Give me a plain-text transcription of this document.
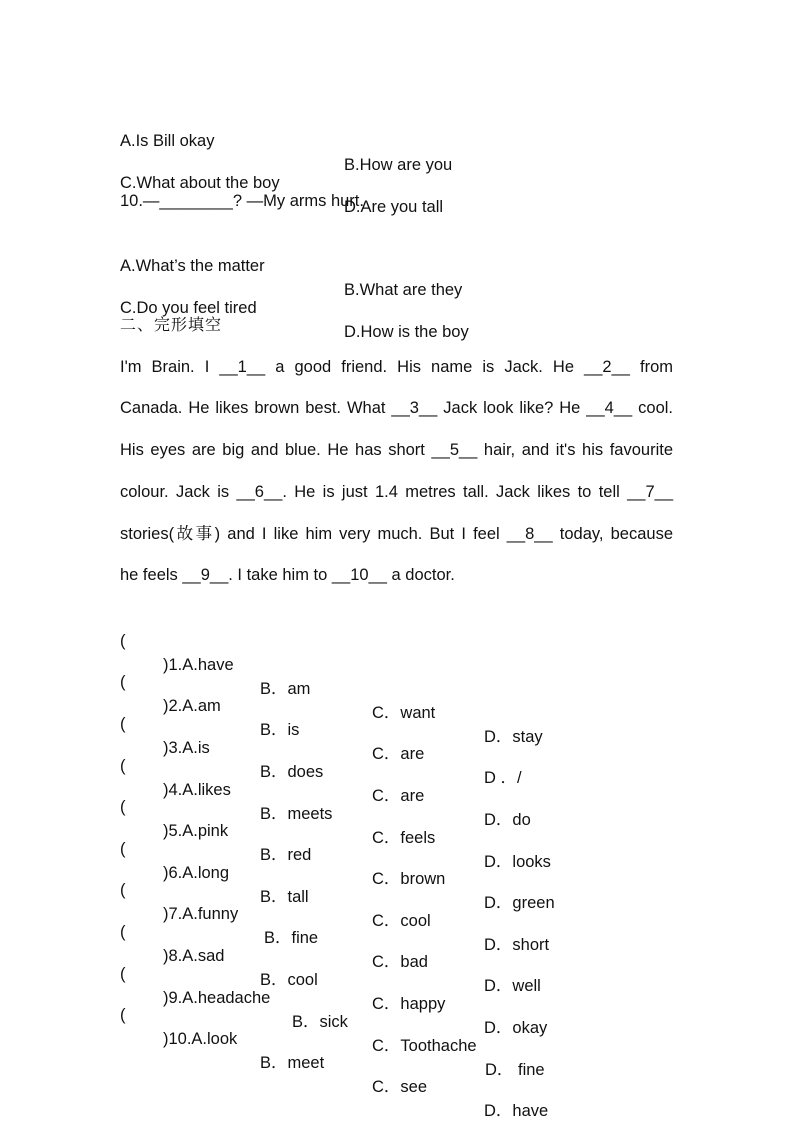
A.Is Bill okay

B.How are you

C.What about the boy

D.Are you tall

10.—________? —My arms hurt.

A.What’s the matter

B.What are they

C.Do you feel tired

D.How is the boy

二、完形填空
I'm Brain. I __1__ a good friend. His name is Jack. He __2__ from
Canada. He likes brown best. What __3__ Jack look like? He __4__ cool.
His eyes are big and blue. He has short __5__ hair, and it's his favourite
colour. Jack is __6__. He is just 1.4 metres tall. Jack likes to tell __7__
stories(故事) and I like him very much. But I feel __8__ today, because
he feels __9__. I take him to __10__ a doctor.

(

)1.A.have

B．am

C．want

D．stay

(

)2.A.am

B．is

C．are

D ．/

(

)3.A.is

B．does

C．are

D．do

(

)4.A.likes

B．meets

C．feels

D．looks

(

)5.A.pink

B．red

C．brown

D．green

(

)6.A.long

B．tall

C．cool

D．short

(

)7.A.funny

B．fine

C．bad

D．well

(

)8.A.sad

B．cool

C．happy

D．okay

(

)9.A.headache

B．sick

C．Toothache

D． fine

(

)10.A.look

B．meet

C．see

D．have
